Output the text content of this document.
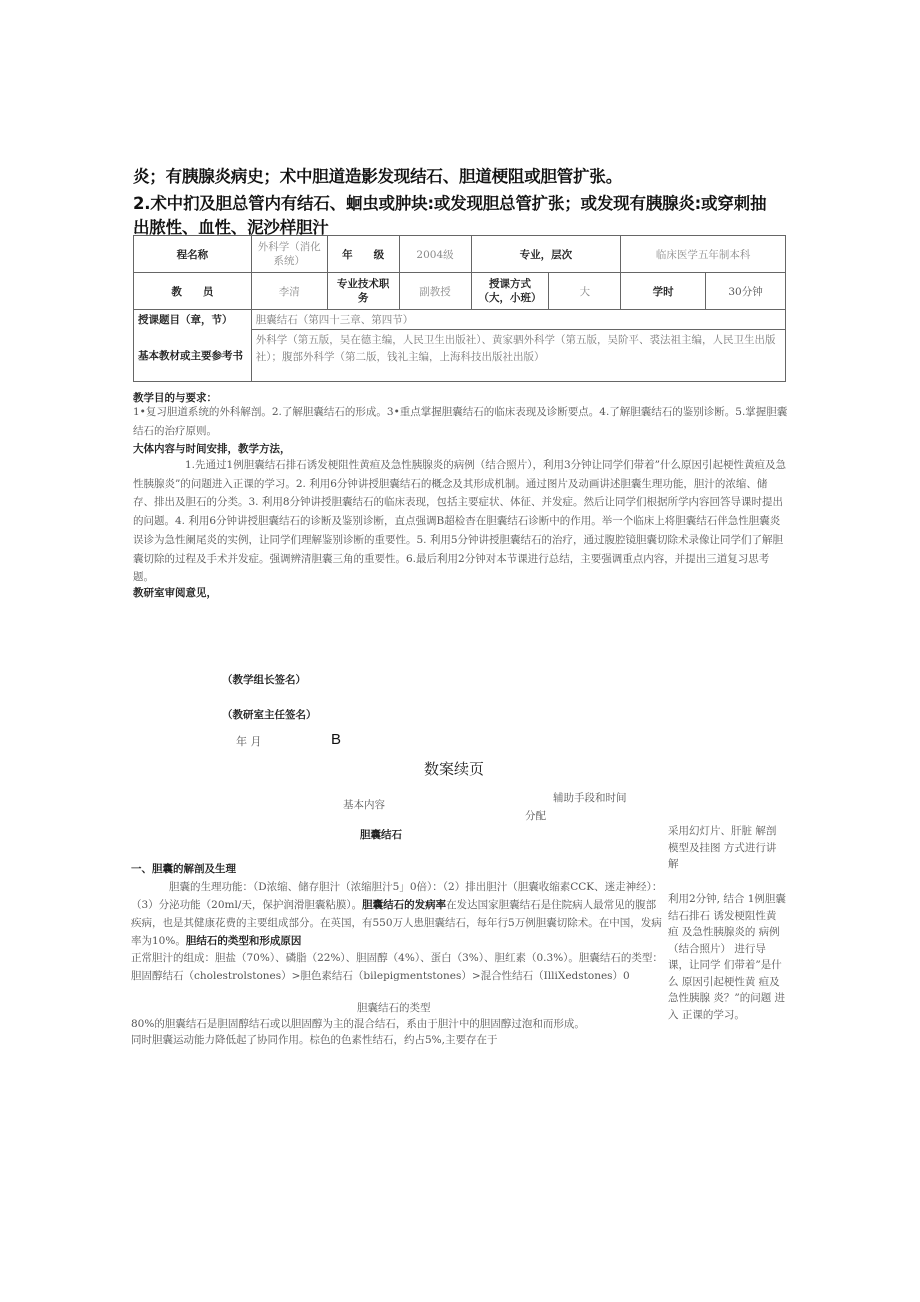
炎；有胰腺炎病史；术中胆道造影发现结石、胆道梗阻或胆管扩张。
2.术中扪及胆总管内有结石、蛔虫或肿块:或发现胆总管扩张；或发现有胰腺炎:或穿刺抽
出脓性、血性、泥沙样胆汁
程名称	外科学（消化系统）	年　　级	2004级	专业，层次		临床医学五年制本科	
教　　员	李清	专业技术职　　务	副教授	授课方式（大，小班）	大	学时	30分钟
授课题目（章，节）	胆囊结石（第四十三章、第四节）						
基本教材或主要参考书	外科学（第五版，吴在德主编，人民卫生出版社）、黄家驷外科学（第五版，吴阶平、裘法祖主编，人民卫生出版社）；腹部外科学（第二版，钱礼主编，上海科技出版社出版）						
教学目的与要求：
1•复习胆道系统的外科解剖。2.了解胆囊结石的形成。3•重点掌握胆囊结石的临床表现及诊断要点。4.了解胆囊结石的鉴别诊断。5.掌握胆囊结石的治疗原则。
大体内容与时间安排，教学方法，
1.先通过1例胆囊结石排石诱发梗阻性黄疸及急性胰腺炎的病例（结合照片），利用3分钟让同学们带着”什么原因引起梗性黄疸及急性胰腺炎”的问题进入正课的学习。2. 利用6分钟讲授胆囊结石的概念及其形成机制。通过图片及动画讲述胆囊生理功能，胆汁的浓缩、储存、排出及胆石的分类。3. 利用8分钟讲授胆囊结石的临床表现，包括主要症状、体征、并发症。然后让同学们根据所学内容回答导课时提出的问题。4. 利用6分钟讲授胆囊结石的诊断及鉴别诊断，直点强调B超检杳在胆囊结石诊断中的作用。举一个临床上将胆囊结石伴急性胆囊炎误诊为急性阑尾炎的实例，让同学们理解鉴别诊断的重要性。5. 利用5分钟讲授胆囊结石的治疗，通过腹腔镜胆囊切除术录像让同学们了解胆囊切除的过程及手术并发症。强调辨清胆囊三角的重要性。6.最后利用2分钟对本节课进行总结，主要强调重点内容，并提出三道复习思考题。
教研室审阅意见，
（教学组长签名）
（教研室主任签名）
年 月	B
数案续页
基本内容
辅助手段和时间
分配
胆囊结石
一、胆囊的解剖及生理
胆囊的生理功能：（D浓缩、储存胆汁（浓缩胆汁5」0倍）：（2）排出胆汁（胆囊收缩素CCK、迷走神经）：（3）分泌功能（20ml/天，保护润滑胆囊粘膜）。胆囊结石的发病率在发达国家胆囊结石是住院病人最常见的腹部疾病，也是其健康花费的主要组成部分。在英国，有550万人患胆囊结石，每年行5万例胆囊切除术。在中国，发病率为10%。胆结石的类型和形成原因
正常胆汁的组成：胆盐（70%）、磷脂（22%）、胆固醇（4%）、蛋白（3%）、胆红素（0.3%）。胆囊结石的类型：胆固醇结石（cholestrolstones）>胆色素结石（bilepigmentstones）>混合性结石（IlliXedstones）0
胆囊结石的类型
80%的胆囊结石是胆固醇结石或以胆固醇为主的混合结石，系由于胆汁中的胆固醇过泡和而形成。同时胆囊运动能力降低起了协同作用。棕色的色素性结石，约占5%,主要存在于
采用幻灯片、肝脏 解剖模型及挂图 方式进行讲解
利用2分钟, 结合 1例胆囊结石排石 诱发梗阻性黄疸 及急性胰腺炎的 病例（结合照片） 进行导课，让同学 们带着”是什么 原因引起梗性黄 疸及急性胰腺 炎？”的问题 进入 正课的学习。
